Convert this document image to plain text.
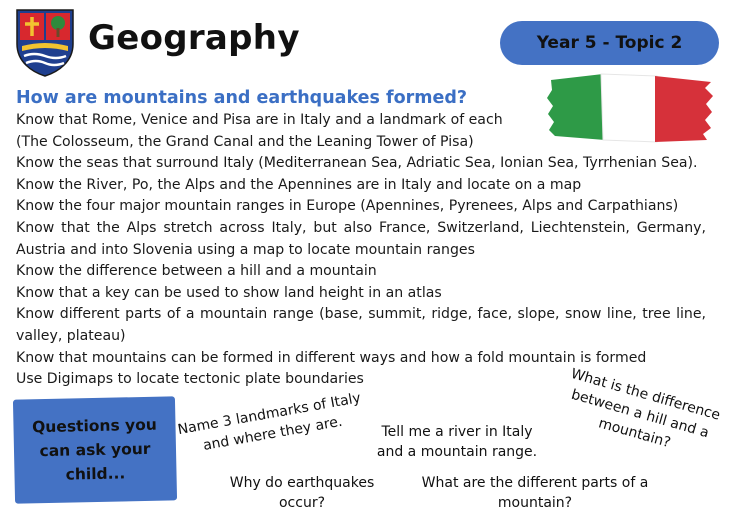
Geography	Year 5 - Topic 2
How are mountains and earthquakes formed?
Know that Rome, Venice and Pisa are in Italy and a landmark of each
(The Colosseum, the Grand Canal and the Leaning Tower of Pisa)
Know the seas that surround Italy (Mediterranean Sea, Adriatic Sea, Ionian Sea, Tyrrhenian Sea).
Know the River, Po, the Alps and the Apennines are in Italy and locate on a map
Know the four major mountain ranges in Europe (Apennines, Pyrenees, Alps and Carpathians)
Know that the Alps stretch across Italy, but also France, Switzerland, Liechtenstein, Germany,
Austria and into Slovenia using a map to locate mountain ranges
Know the difference between a hill and a mountain
Know that a key can be used to show land height in an atlas
Know different parts of a mountain range (base, summit, ridge, face, slope, snow line, tree line,
valley, plateau)
Know that mountains can be formed in different ways and how a fold mountain is formed
Use Digimaps to locate tectonic plate boundaries
Questions you can ask your child...
Name 3 landmarks of Italy and where they are.	Tell me a river in Italy and a mountain range.
What is the difference between a hill and a mountain?
Why do earthquakes occur?
What are the different parts of a mountain?
